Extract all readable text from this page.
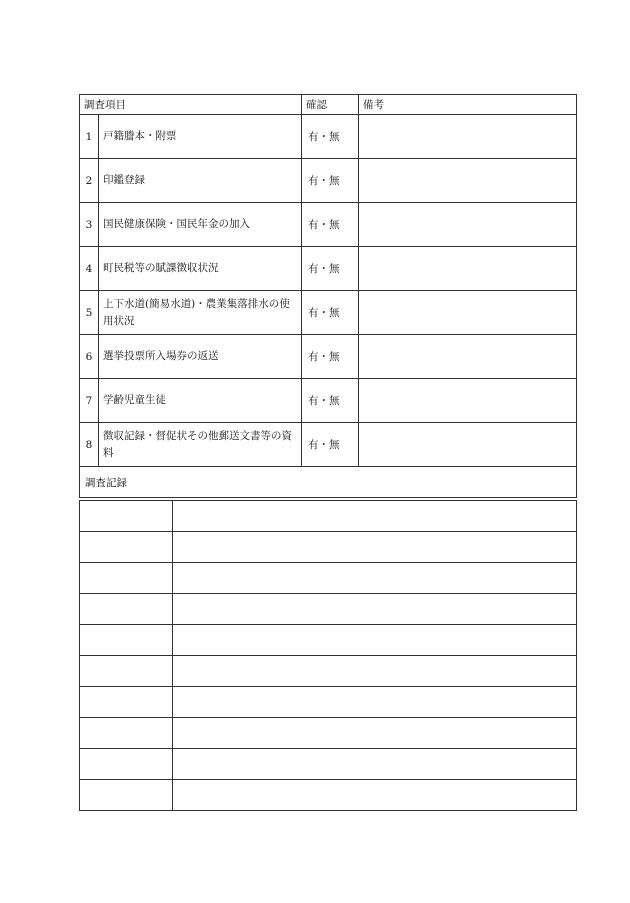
調査項目		確認	備考
1	戸籍謄本・附票	有・無	
2	印鑑登録	有・無	
3	国民健康保険・国民年金の加入	有・無	
4	町民税等の賦課徴収状況	有・無	
5	上下水道(簡易水道)・農業集落排水の使用状況	有・無	
6	選挙投票所入場券の返送	有・無	
7	学齢児童生徒	有・無	
8	徴収記録・督促状その他郵送文書等の資料	有・無	
調査記録			
